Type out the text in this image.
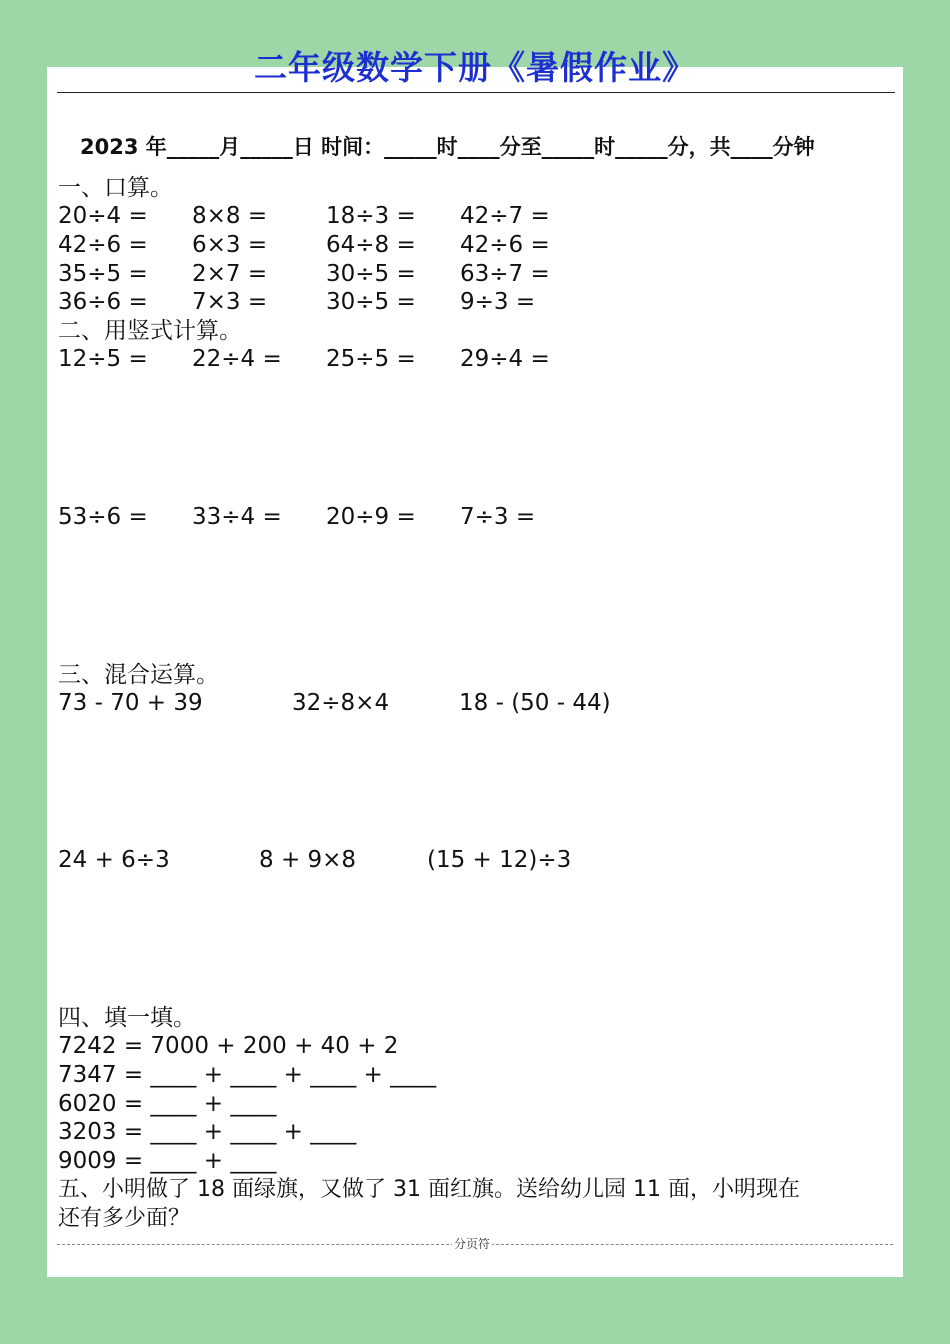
二年级数学下册《暑假作业》
2023 年_____月_____日 时间：_____时____分至_____时_____分，共____分钟
一、口算。
20÷4 = 8×8 =	18÷3 = 42÷7 =
42÷6 = 6×3 =	64÷8 = 42÷6 =
35÷5 = 2×7 =	30÷5 = 63÷7 =
36÷6 = 7×3 =	30÷5 = 9÷3 =
二、用竖式计算。
12÷5 = 22÷4 = 25÷5 = 29÷4 =
53÷6 = 33÷4 = 20÷9 = 7÷3 =
三、混合运算。
73 - 70 + 39	32÷8×4	18 - (50 - 44)
24 + 6÷3	8 + 9×8	(15 + 12)÷3
四、填一填。
7242 = 7000 + 200 + 40 + 2
7347 = ____ + ____ + ____ + ____
6020 = ____ + ____
3203 = ____ + ____ + ____
9009 = ____ + ____
五、小明做了 18 面绿旗，又做了 31 面红旗。送给幼儿园 11 面，小明现在
还有多少面？
分页符
